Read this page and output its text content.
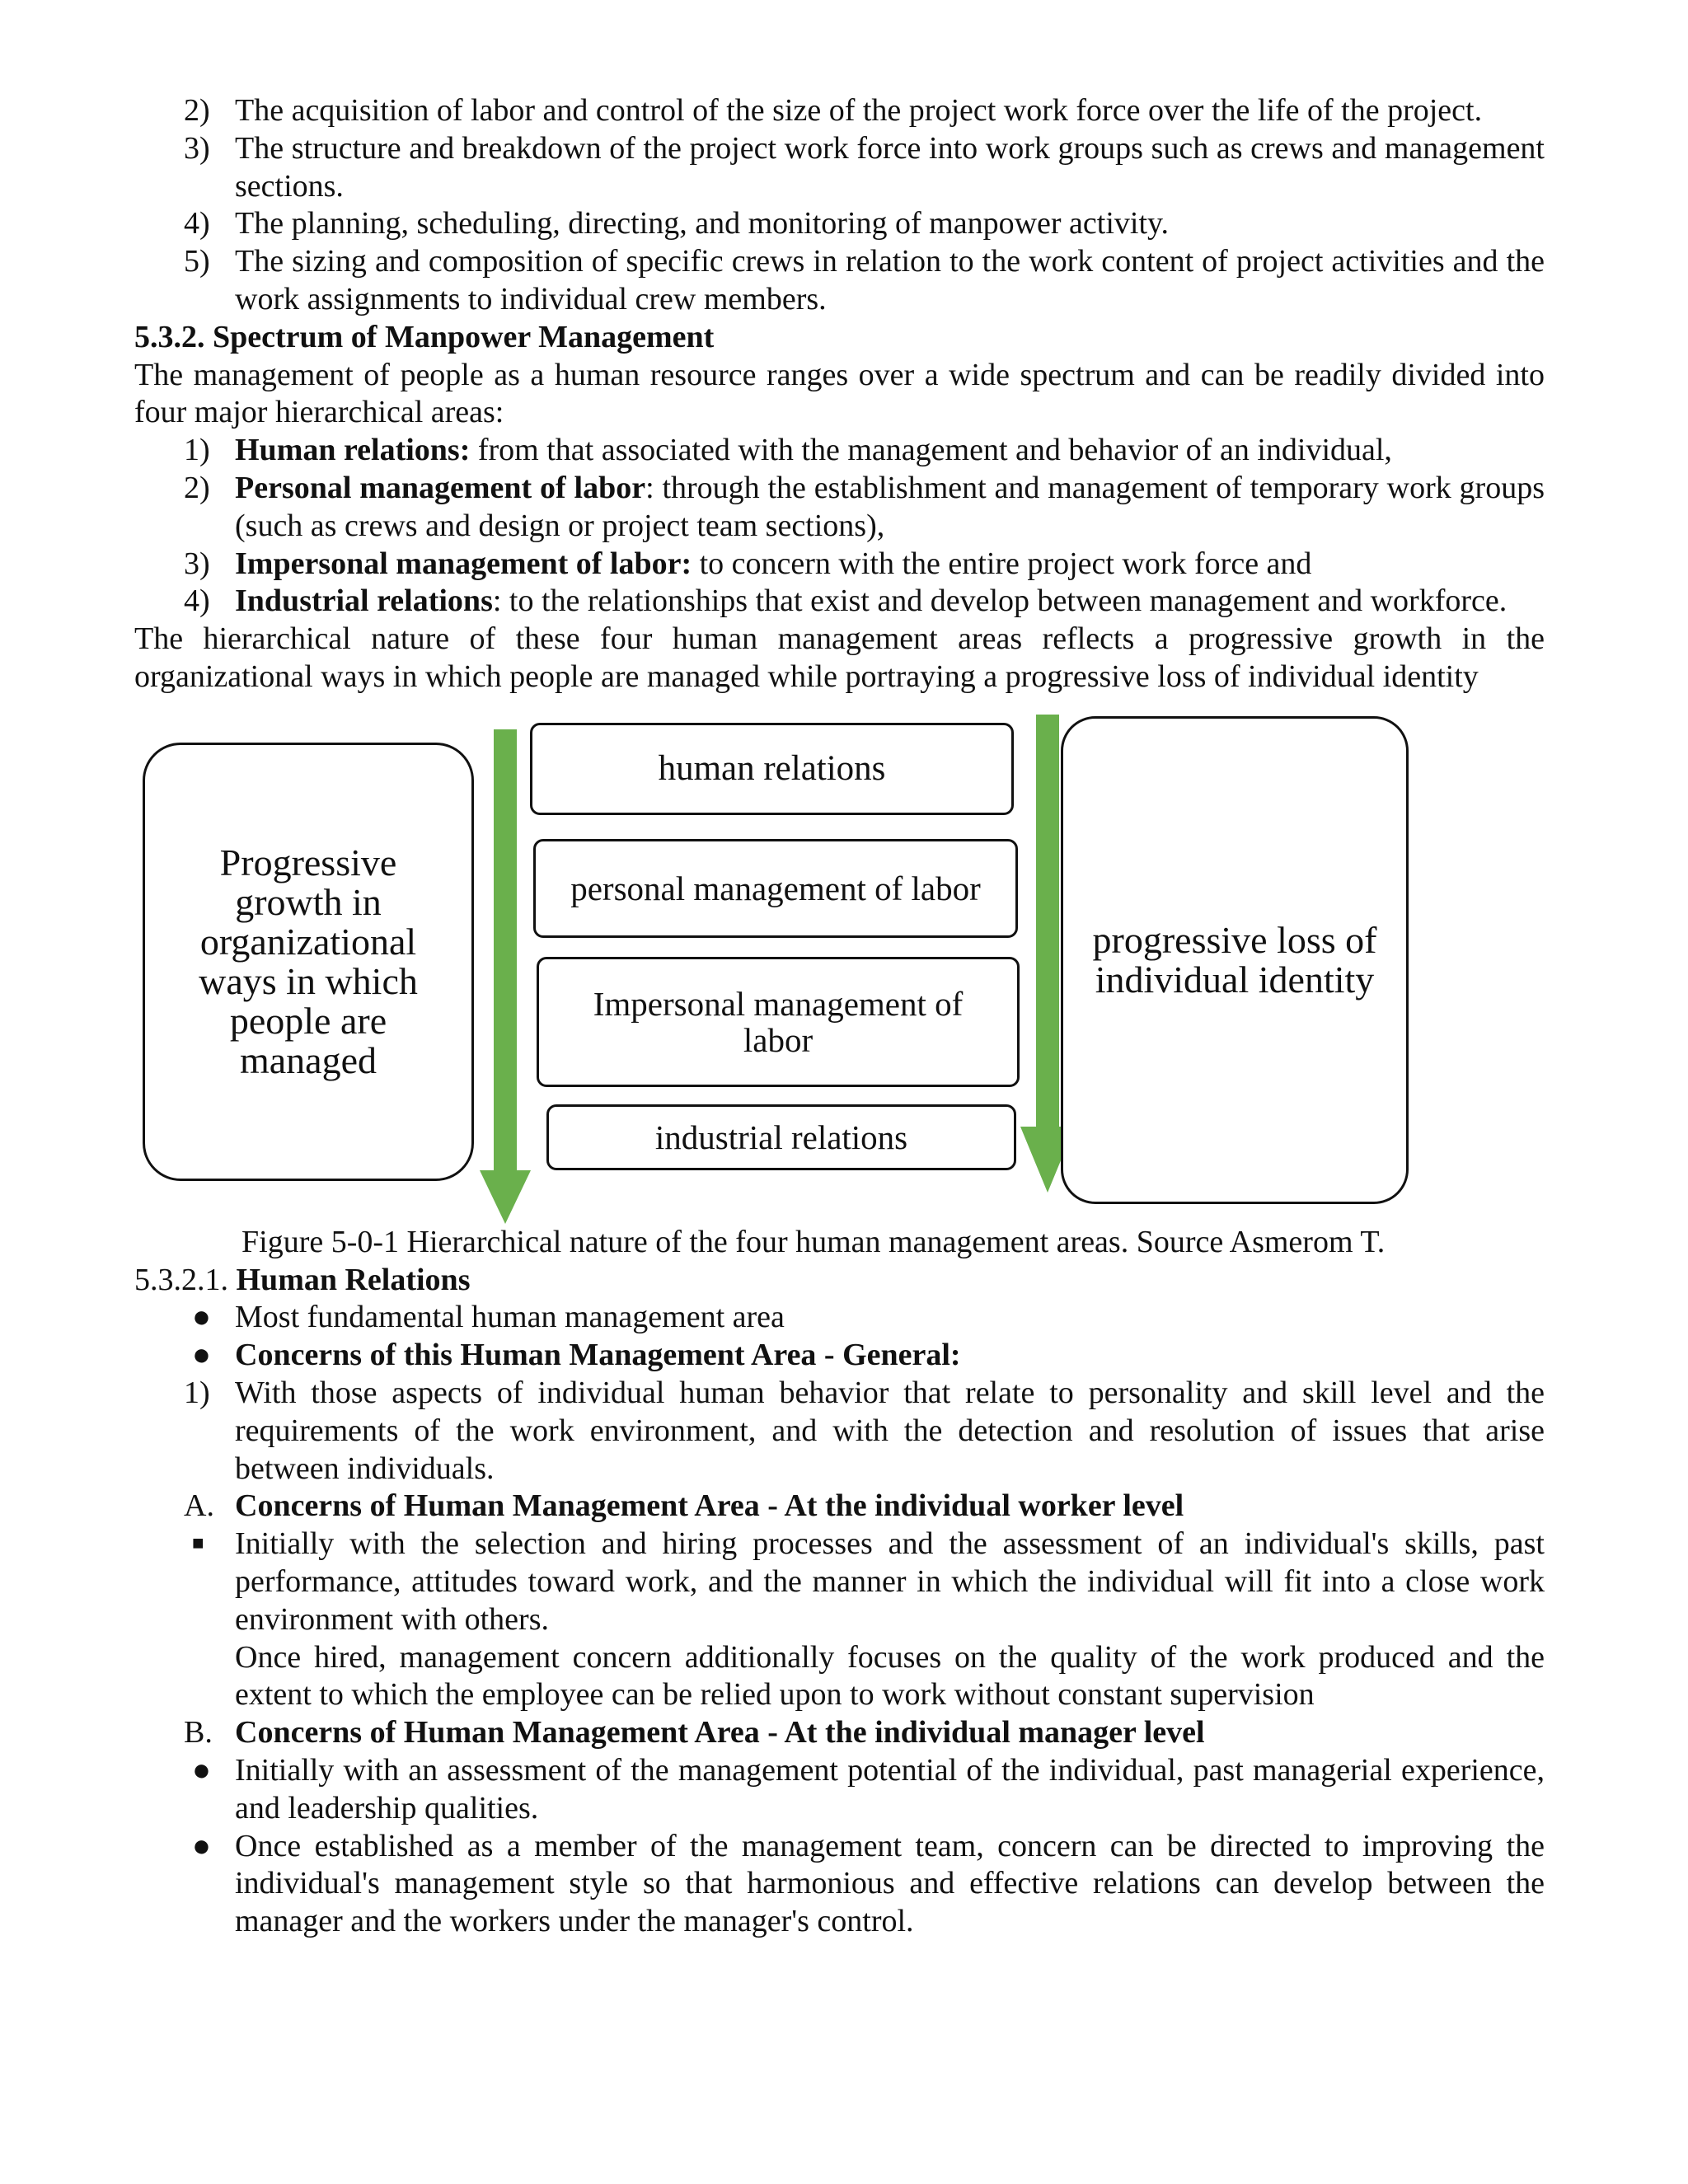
2) The acquisition of labor and control of the size of the project work force over the life of the project.
3) The structure and breakdown of the project work force into work groups such as crews and management sections.
4) The planning, scheduling, directing, and monitoring of manpower activity.
5) The sizing and composition of specific crews in relation to the work content of project activities and the work assignments to individual crew members.

5.3.2. Spectrum of Manpower Management

The management of people as a human resource ranges over a wide spectrum and can be readily divided into four major hierarchical areas:

1) Human relations: from that associated with the management and behavior of an individual,
2) Personal management of labor: through the establishment and management of temporary work groups (such as crews and design or project team sections),
3) Impersonal management of labor: to concern with the entire project work force and
4) Industrial relations: to the relationships that exist and develop between management and workforce.

The hierarchical nature of these four human management areas reflects a progressive growth in the organizational ways in which people are managed while portraying a progressive loss of individual identity

Progressive growth in organizational ways in which people are managed
human relations
personal management of labor
Impersonal management of labor
industrial relations
progressive loss of individual identity

Figure 5-0-1 Hierarchical nature of the four human management areas. Source Asmerom T.

5.3.2.1. Human Relations

● Most fundamental human management area
● Concerns of this Human Management Area - General:
1) With those aspects of individual human behavior that relate to personality and skill level and the requirements of the work environment, and with the detection and resolution of issues that arise between individuals.
A. Concerns of Human Management Area - At the individual worker level
■ Initially with the selection and hiring processes and the assessment of an individual's skills, past performance, attitudes toward work, and the manner in which the individual will fit into a close work environment with others.
Once hired, management concern additionally focuses on the quality of the work produced and the extent to which the employee can be relied upon to work without constant supervision
B. Concerns of Human Management Area - At the individual manager level
● Initially with an assessment of the management potential of the individual, past managerial experience, and leadership qualities.
● Once established as a member of the management team, concern can be directed to improving the individual's management style so that harmonious and effective relations can develop between the manager and the workers under the manager's control.
